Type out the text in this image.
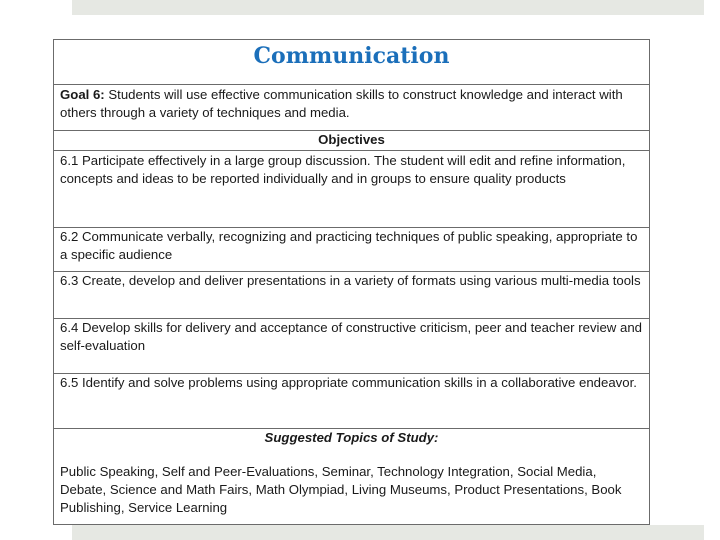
Communication
Goal 6: Students will use effective communication skills to construct knowledge and interact with others through a variety of techniques and media.
Objectives
6.1 Participate effectively in a large group discussion. The student will edit and refine information, concepts and ideas to be reported individually and in groups to ensure quality products
6.2 Communicate verbally, recognizing and practicing techniques of public speaking, appropriate to a specific audience
6.3 Create, develop and deliver presentations in a variety of formats using various multi-media tools
6.4 Develop skills for delivery and acceptance of constructive criticism, peer and teacher review and self-evaluation
6.5 Identify and solve problems using appropriate communication skills in a collaborative endeavor.

Suggested Topics of Study:
Public Speaking, Self and Peer-Evaluations, Seminar, Technology Integration, Social Media, Debate, Science and Math Fairs, Math Olympiad, Living Museums, Product Presentations, Book Publishing, Service Learning
